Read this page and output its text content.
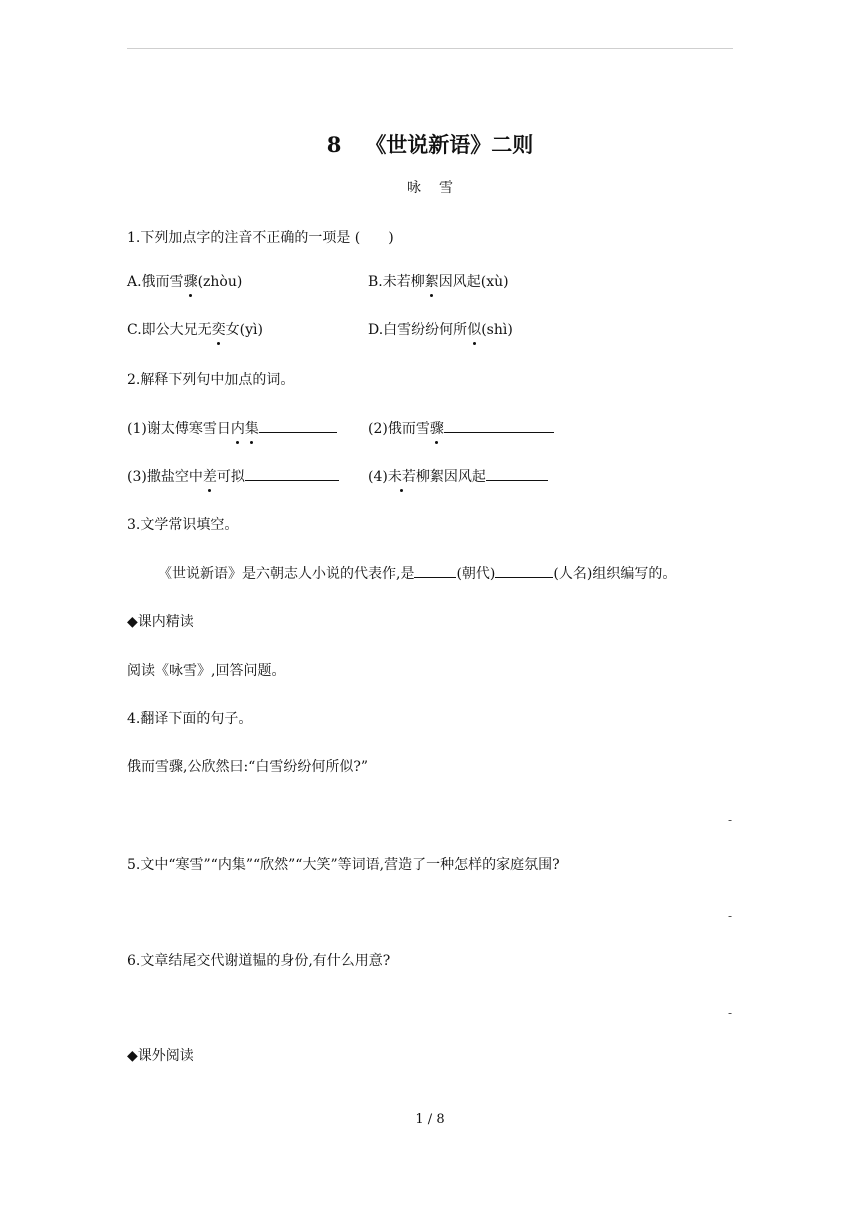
8 《世说新语》二则
咏 雪
1.下列加点字的注音不正确的一项是 (　　)
A.俄而雪骤(zhòu)	B.未若柳絮因风起(xù)
C.即公大兄无奕女(yì)	D.白雪纷纷何所似(shì)
2.解释下列句中加点的词。
(1)谢太傅寒雪日内集	(2)俄而雪骤
(3)撒盐空中差可拟	(4)未若柳絮因风起
3.文学常识填空。
《世说新语》是六朝志人小说的代表作,是	(朝代)	(人名)组织编写的。
◆课内精读
阅读《咏雪》,回答问题。
4.翻译下面的句子。
俄而雪骤,公欣然曰:“白雪纷纷何所似?”
-
5.文中“寒雪”“内集”“欣然”“大笑”等词语,营造了一种怎样的家庭氛围?
-
6.文章结尾交代谢道韫的身份,有什么用意?
-
◆课外阅读
1 / 8
